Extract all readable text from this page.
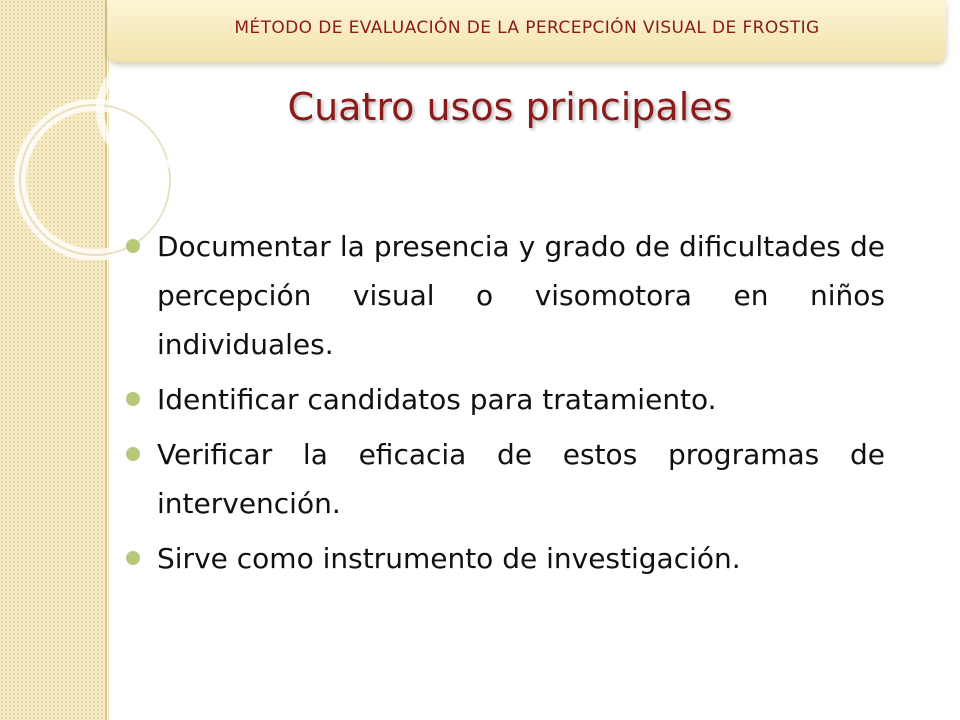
MÉTODO DE EVALUACIÓN DE LA PERCEPCIÓN VISUAL DE FROSTIG
Cuatro usos principales
Documentar la presencia y grado de dificultades de percepción visual o visomotora en niños individuales.
Identificar candidatos para tratamiento.
Verificar la eficacia de estos programas de intervención.
Sirve como instrumento de investigación.
